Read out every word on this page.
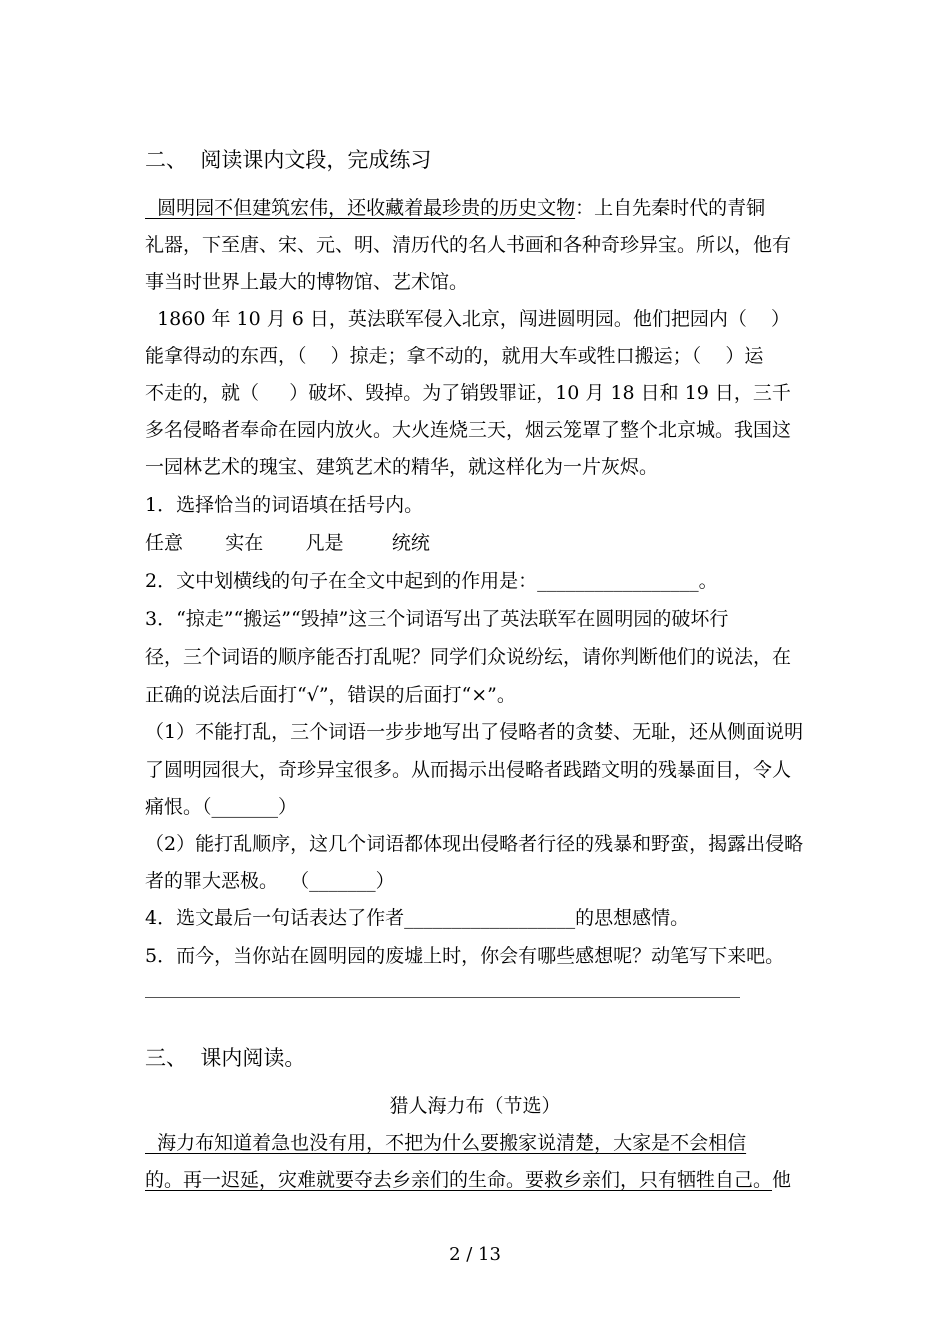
二、  阅读课内文段，完成练习
圆明园不但建筑宏伟，还收藏着最珍贵的历史文物：上自先秦时代的青铜
礼器，下至唐、宋、元、明、清历代的名人书画和各种奇珍异宝。所以，他有
事当时世界上最大的博物馆、艺术馆。
1860 年 10 月 6 日，英法联军侵入北京，闯进圆明园。他们把园内（    ）
能拿得动的东西，（    ）掠走；拿不动的，就用大车或牲口搬运；（    ）运
不走的，就（     ）破坏、毁掉。为了销毁罪证，10 月 18 日和 19 日，三千
多名侵略者奉命在园内放火。大火连烧三天，烟云笼罩了整个北京城。我国这
一园林艺术的瑰宝、建筑艺术的精华，就这样化为一片灰烬。
1．选择恰当的词语填在括号内。
任意       实在       凡是        统统
2．文中划横线的句子在全文中起到的作用是：_________________。
3．“掠走”“搬运”“毁掉”这三个词语写出了英法联军在圆明园的破坏行
径，三个词语的顺序能否打乱呢？同学们众说纷纭，请你判断他们的说法，在
正确的说法后面打“√”，错误的后面打“×”。
（1）不能打乱，三个词语一步步地写出了侵略者的贪婪、无耻，还从侧面说明
了圆明园很大，奇珍异宝很多。从而揭示出侵略者践踏文明的残暴面目，令人
痛恨。（_______）
（2）能打乱顺序，这几个词语都体现出侵略者行径的残暴和野蛮，揭露出侵略
者的罪大恶极。  （_______）
4．选文最后一句话表达了作者__________________的思想感情。
5．而今，当你站在圆明园的废墟上时，你会有哪些感想呢？动笔写下来吧。
三、  课内阅读。
猎人海力布（节选）
海力布知道着急也没有用，不把为什么要搬家说清楚，大家是不会相信
的。再一迟延，灾难就要夺去乡亲们的生命。要救乡亲们，只有牺牲自己。他
2 / 13
